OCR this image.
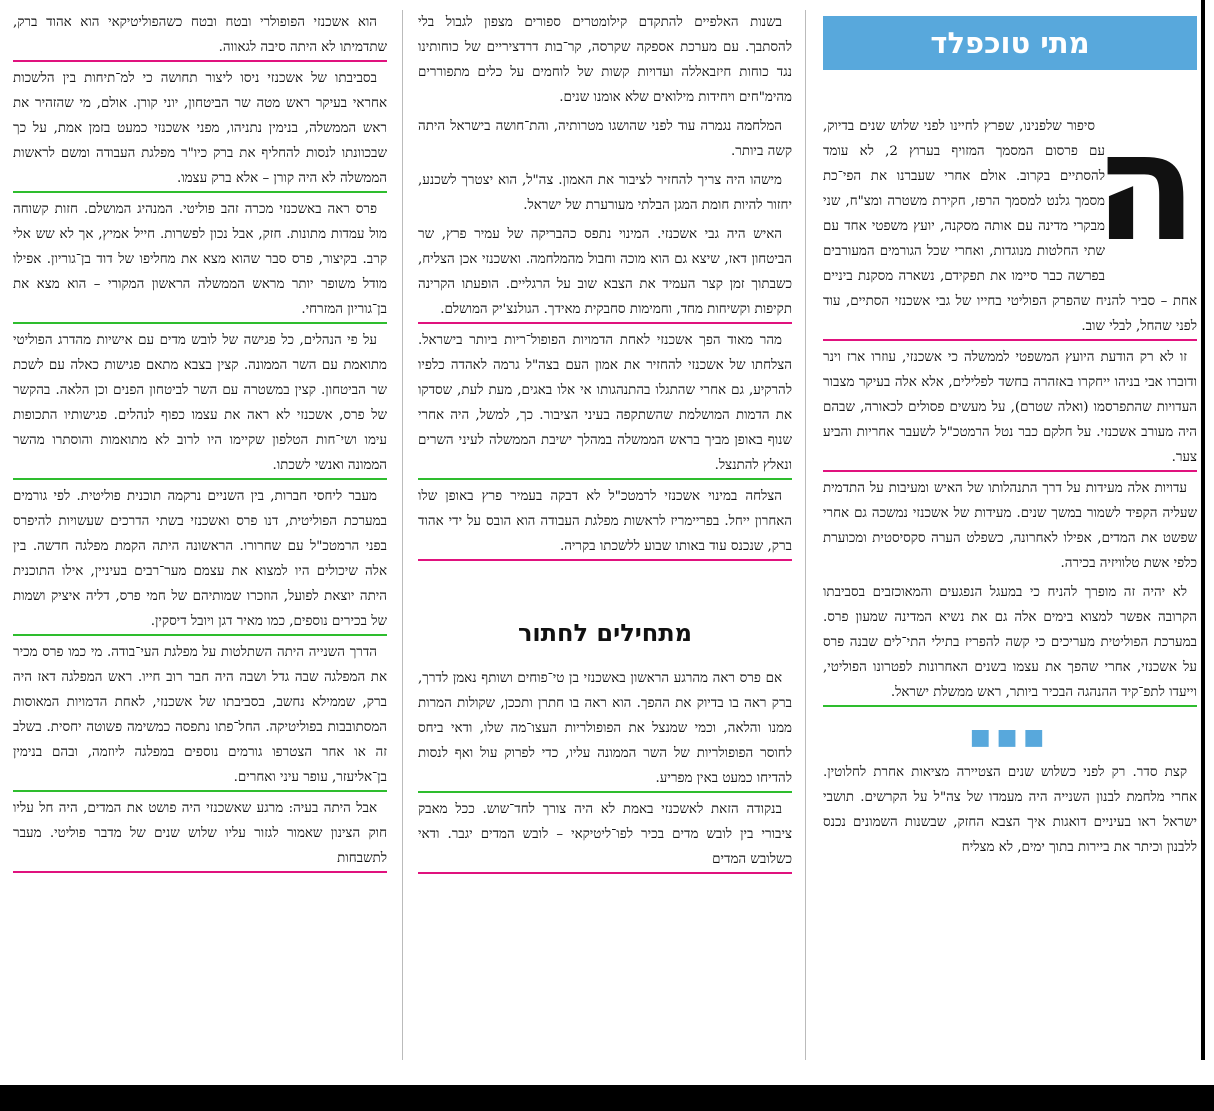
מתי טוכפלד
ה

סיפור שלפנינו, שפרץ לחיינו לפני שלוש שנים בדיוק, עם פרסום המסמך המזויף בערוץ 2, לא עומד להסתיים בקרוב. אולם אחרי שעברנו את הפי־כת מסמך גלנט למסמך הרפז, חקירת משטרה ומצ"ח, שני מבקרי מדינה עם אותה מסקנה, יועץ משפטי אחד עם שתי החלטות מנוגדות, ואחרי שכל הגורמים המעורבים בפרשה כבר סיימו את תפקידם, נשארה מסקנת ביניים אחת – סביר להניח שהפרק הפוליטי בחייו של גבי אשכנזי הסתיים, עוד לפני שהחל, לבלי שוב.

זו לא רק הודעת היועץ המשפטי לממשלה כי אשכנזי, עוזרו ארז וינר ודוברו אבי בניהו ייחקרו באזהרה בחשד לפלילים, אלא אלה בעיקר מצבור העדויות שהתפרסמו (ואלה שטרם), על מעשים פסולים לכאורה, שבהם היה מעורב אשכנזי. על חלקם כבר נטל הרמטכ"ל לשעבר אחריות והביע צער.

עדויות אלה מעידות על דרך התנהלותו של האיש ומעיבות על התדמית שעליה הקפיד לשמור במשך שנים. מעידות של אשכנזי נמשכה גם אחרי שפשט את המדים, אפילו לאחרונה, כשפלט הערה סקסיסטית ומכוערת כלפי אשת טלוויזיה בכירה.

לא יהיה זה מופרך להניח כי במעגל הנפגעים והמאוכזבים בסביבתו הקרובה אפשר למצוא בימים אלה גם את נשיא המדינה שמעון פרס. במערכת הפוליטית מעריכים כי קשה להפריז בתילי התי־לים שבנה פרס על אשכנזי, אחרי שהפך את עצמו בשנים האחרונות לפטרונו הפוליטי, וייעדו לתפ־קיד ההנהגה הבכיר ביותר, ראש ממשלת ישראל.

■■■

קצת סדר. רק לפני כשלוש שנים הצטיירה מציאות אחרת לחלוטין. אחרי מלחמת לבנון השנייה היה מעמדו של צה"ל על הקרשים. תושבי ישראל ראו בעיניים דואגות איך הצבא החזק, שבשנות השמונים נכנס ללבנון וכיתר את ביירות בתוך ימים, לא מצליח

בשנות האלפיים להתקדם קילומטרים ספורים מצפון לגבול בלי להסתבך. עם מערכת אספקה שקרסה, קר־בות דרדציריים של כוחותינו נגד כוחות חיזבאללה ועדויות קשות של לוחמים על כלים מתפוררים מהימ"חים ויחידות מילואים שלא אומנו שנים.

המלחמה נגמרה עוד לפני שהושגו מטרותיה, והת־חושה בישראל היתה קשה ביותר.

מישהו היה צריך להחזיר לציבור את האמון. צה"ל, הוא יצטרך לשכנע, יחזור להיות חומת המגן הבלתי מעורערת של ישראל.

האיש היה גבי אשכנזי. המינוי נתפס כהבריקה של עמיר פרץ, שר הביטחון דאז, שיצא גם הוא מוכה וחבול מהמלחמה. ואשכנזי אכן הצליח, כשבתוך זמן קצר העמיד את הצבא שוב על הרגליים. הופעתו הקרינה תקיפות וקשיחות מחד, וחמימות סחבקית מאידך. הגולנצ'יק המושלם.

מהר מאוד הפך אשכנזי לאחת הדמויות הפופול־ריות ביותר בישראל. הצלחתו של אשכנזי להחזיר את אמון העם בצה"ל גרמה לאהדה כלפיו להרקיע, גם אחרי שהתגלו בהתנהגותו אי אלו באגים, מעת לעת, שסדקו את הדמות המושלמת שהשתקפה בעיני הציבור. כך, למשל, היה אחרי שנוף באופן מביך בראש הממשלה במהלך ישיבת הממשלה לעיני השרים ונאלץ להתנצל.

הצלחה במינוי אשכנזי לרמטכ"ל לא דבקה בעמיר פרץ באופן שלו האחרון ייחל. בפריימריז לראשות מפלגת העבודה הוא הובס על ידי אהוד ברק, שנכנס עוד באותו שבוע ללשכתו בקריה.

מתחילים לחתור

אם פרס ראה מהרגע הראשון באשכנזי בן טי־פוחים ושותף נאמן לדרך, ברק ראה בו בדיוק את ההפך. הוא ראה בו חתרן ותככן, שקולות המרות ממנו והלאה, וכמי שמנצל את הפופולריות העצו־מה שלו, ודאי ביחס לחוסר הפופולריות של השר הממונה עליו, כדי לפרוק עול ואף לנסות להדיחו כמעט באין מפריע.

בנקודה הזאת לאשכנזי באמת לא היה צורך לחד־שוש. ככל מאבק ציבורי בין לובש מדים בכיר לפו־ליטיקאי – לובש המדים יגבר. ודאי כשלובש המדים

הוא אשכנזי הפופולרי ובטח ובטח כשהפוליטיקאי הוא אהוד ברק, שתדמיתו לא היתה סיבה לגאווה.

בסביבתו של אשכנזי ניסו ליצור תחושה כי למ־תיחות בין הלשכות אחראי בעיקר ראש מטה שר הביטחון, יוני קורן. אולם, מי שהזהיר את ראש הממשלה, בנימין נתניהו, מפני אשכנזי כמעט בזמן אמת, על כך שבכוונתו לנסות להחליף את ברק כיו"ר מפלגת העבודה ומשם לראשות הממשלה לא היה קורן – אלא ברק עצמו.

פרס ראה באשכנזי מכרה זהב פוליטי. המנהיג המושלם. חזות קשוחה מול עמדות מתונות. חזק, אבל נכון לפשרות. חייל אמיץ, אך לא שש אלי קרב. בקיצור, פרס סבר שהוא מצא את מחליפו של דוד בן־גוריון. אפילו מודל משופר יותר מראש הממשלה הראשון המקורי – הוא מצא את בן־גוריון המזרחי.

על פי הנהלים, כל פגישה של לובש מדים עם אישיות מהדרג הפוליטי מתואמת עם השר הממונה. קצין בצבא מתאם פגישות כאלה עם לשכת שר הביטחון. קצין במשטרה עם השר לביטחון הפנים וכן הלאה. בהקשר של פרס, אשכנזי לא ראה את עצמו כפוף לנהלים. פגישותיו התכופות עימו ושי־חות הטלפון שקיימו היו לרוב לא מתואמות והוסתרו מהשר הממונה ואנשי לשכתו.

מעבר ליחסי חברות, בין השניים נרקמה תוכנית פוליטית. לפי גורמים במערכת הפוליטית, דנו פרס ואשכנזי בשתי הדרכים שעשויות להיפרס בפני הרמטכ"ל עם שחרורו. הראשונה היתה הקמת מפלגה חדשה. בין אלה שיכולים היו למצוא את עצמם מער־רבים בעיניין, אילו התוכנית היתה יוצאת לפועל, הוזכרו שמותיהם של חמי פרס, דליה איציק ושמות של בכירים נוספים, כמו מאיר דגן ויובל דיסקין.

הדרך השנייה היתה השתלטות על מפלגת העי־בודה. מי כמו פרס מכיר את המפלגה שבה גדל ושבה היה חבר רוב חייו. ראש המפלגה דאז היה ברק, שממילא נחשב, בסביבתו של אשכנזי, לאחת הדמויות המאוסות המסתובבות בפוליטיקה. החל־פתו נתפסה כמשימה פשוטה יחסית. בשלב זה או אחר הצטרפו גורמים נוספים במפלגה ליוזמה, ובהם בנימין בן־אליעזר, עופר עיני ואחרים.

אבל היתה בעיה: מרגע שאשכנזי היה פושט את המדים, היה חל עליו חוק הצינון שאמור לגזור עליו שלוש שנים של מדבר פוליטי. מעבר לתשבחות
